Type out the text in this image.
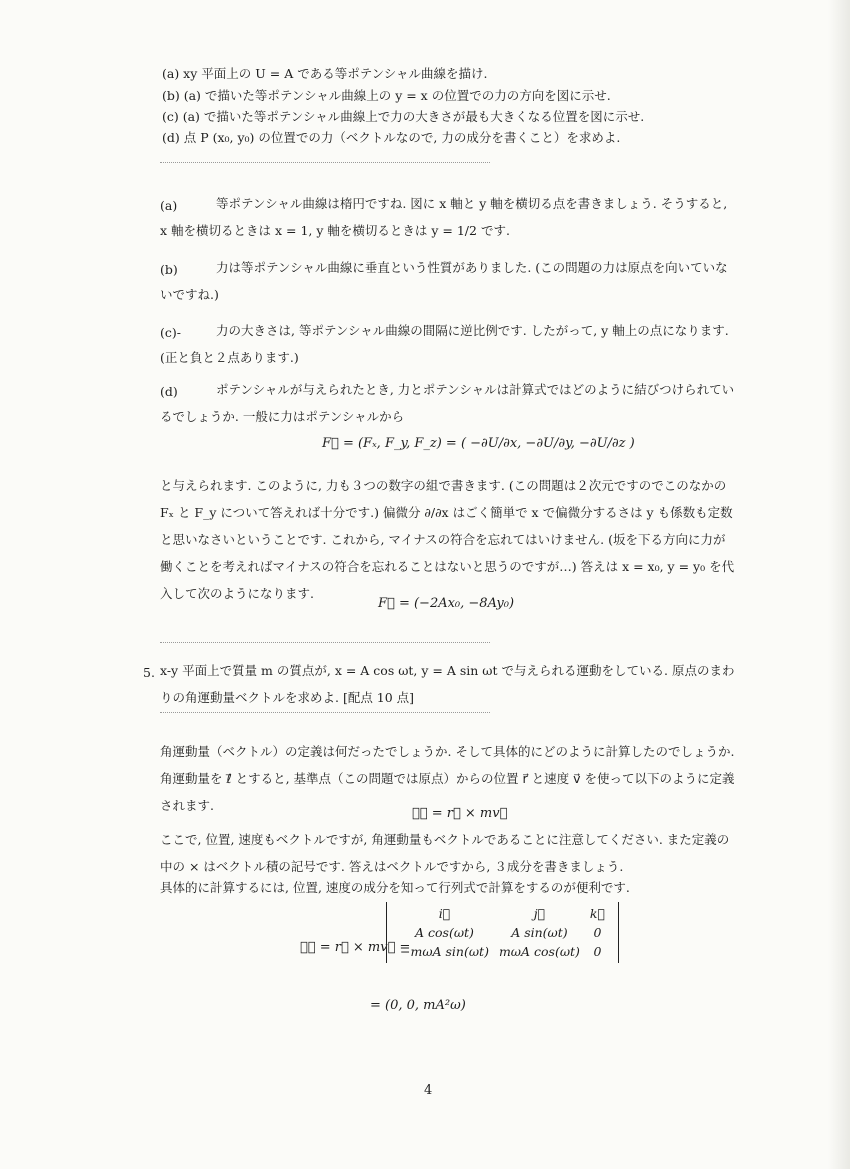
(a) xy 平面上の U = A である等ポテンシャル曲線を描け.
(b) (a) で描いた等ポテンシャル曲線上の y = x の位置での力の方向を図に示せ.
(c) (a) で描いた等ポテンシャル曲線上で力の大きさが最も大きくなる位置を図に示せ.
(d) 点 P (x₀, y₀) の位置での力（ベクトルなので, 力の成分を書くこと）を求めよ.
(a)	等ポテンシャル曲線は楕円ですね. 図に x 軸と y 軸を横切る点を書きましょう. そうすると, x 軸を横切るときは x = 1, y 軸を横切るときは y = 1/2 です.
(b)	力は等ポテンシャル曲線に垂直という性質がありました. (この問題の力は原点を向いていないですね.)
(c)-	力の大きさは, 等ポテンシャル曲線の間隔に逆比例です. したがって, y 軸上の点になります. (正と負と２点あります.)
(d)	ポテンシャルが与えられたとき, 力とポテンシャルは計算式ではどのように結びつけられているでしょうか. 一般に力はポテンシャルから
F⃗ = (Fₓ, F_y, F_z) = ( −∂U/∂x, −∂U/∂y, −∂U/∂z )
と与えられます. このように, 力も３つの数字の組で書きます. (この問題は２次元ですのでこのなかの Fₓ と F_y について答えれば十分です.) 偏微分 ∂/∂x はごく簡単で x で偏微分するさは y も係数も定数と思いなさいということです. これから, マイナスの符合を忘れてはいけません. (坂を下る方向に力が働くことを考えればマイナスの符合を忘れることはないと思うのですが…) 答えは x = x₀, y = y₀ を代入して次のようになります.
F⃗ = (−2Ax₀, −8Ay₀)
5. x-y 平面上で質量 m の質点が, x = A cos ωt, y = A sin ωt で与えられる運動をしている. 原点のまわりの角運動量ベクトルを求めよ. [配点 10 点]
角運動量（ベクトル）の定義は何だったでしょうか. そして具体的にどのように計算したのでしょうか. 角運動量を ℓ⃗ とすると, 基準点（この問題では原点）からの位置 r⃗ と速度 v⃗ を使って以下のように定義されます.
ℓ⃗ = r⃗ × mv⃗
ここで, 位置, 速度もベクトルですが, 角運動量もベクトルであることに注意してください. また定義の中の × はベクトル積の記号です. 答えはベクトルですから, ３成分を書きましょう.
具体的に計算するには, 位置, 速度の成分を知って行列式で計算をするのが便利です.
ℓ⃗ = r⃗ × mv⃗ =
i⃗	j⃗	k⃗
A cos(ωt)	A sin(ωt)	0
−mωA sin(ωt)	mωA cos(ωt)	0
= (0, 0, mA²ω)
4
